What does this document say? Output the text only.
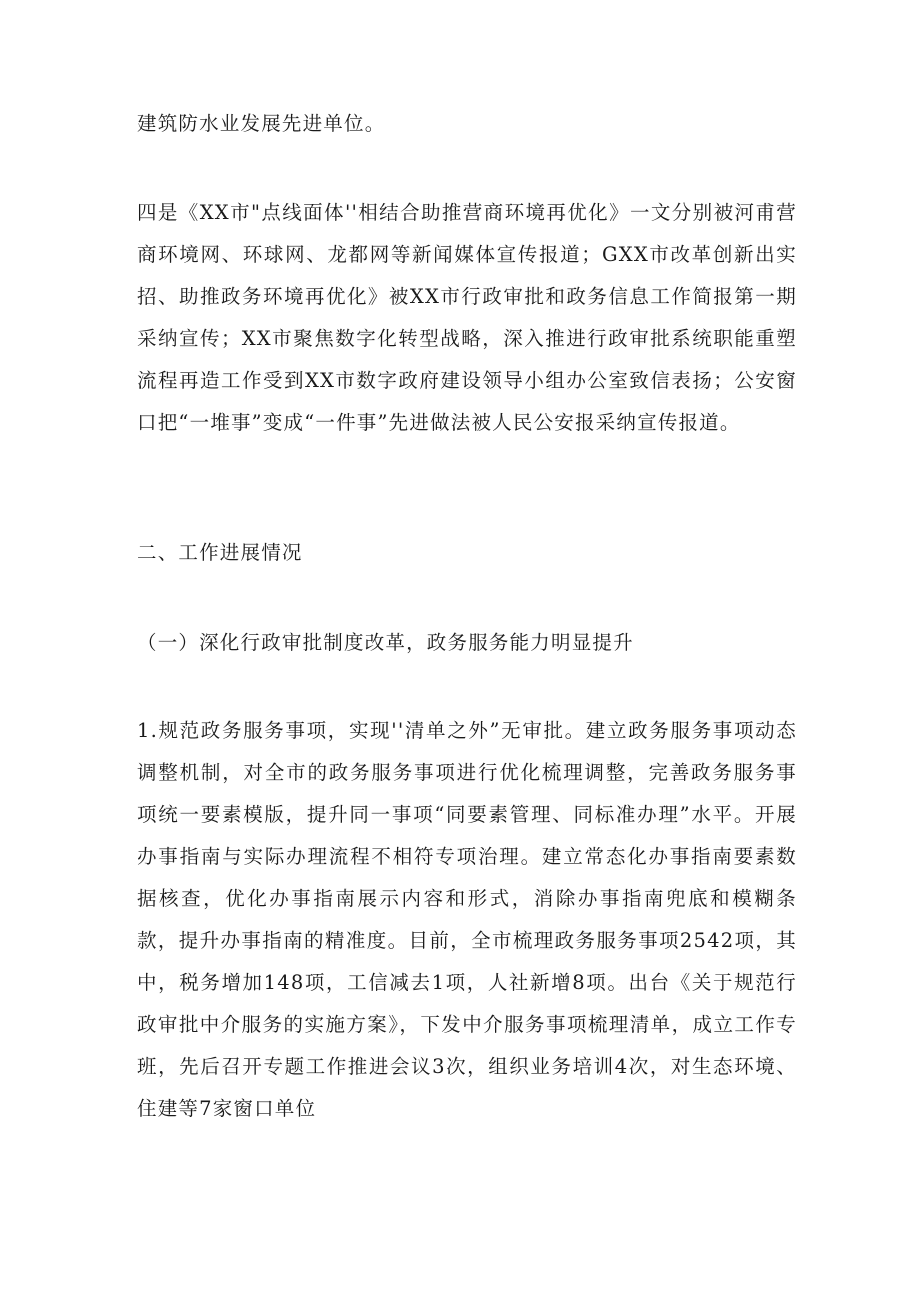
建筑防水业发展先进单位。

四是《XX市"点线面体''相结合助推营商环境再优化》一文分别被河甫营商环境网、环球网、龙都网等新闻媒体宣传报道；GXX市改革创新出实招、助推政务环境再优化》被XX市行政审批和政务信息工作简报第一期采纳宣传；XX市聚焦数字化转型战略，深入推进行政审批系统职能重塑流程再造工作受到XX市数字政府建设领导小组办公室致信表扬；公安窗口把“一堆事”变成“一件事”先进做法被人民公安报采纳宣传报道。

二、工作进展情况

（一）深化行政审批制度改革，政务服务能力明显提升

1.规范政务服务事项，实现''清单之外”无审批。建立政务服务事项动态调整机制，对全市的政务服务事项进行优化梳理调整，完善政务服务事项统一要素模版，提升同一事项“同要素管理、同标准办理”水平。开展办事指南与实际办理流程不相符专项治理。建立常态化办事指南要素数据核查，优化办事指南展示内容和形式，消除办事指南兜底和模糊条款，提升办事指南的精准度。目前，全市梳理政务服务事项2542项，其中，税务增加148项，工信减去1项，人社新增8项。出台《关于规范行政审批中介服务的实施方案》，下发中介服务事项梳理清单，成立工作专班，先后召开专题工作推进会议3次，组织业务培训4次，对生态环境、住建等7家窗口单位
